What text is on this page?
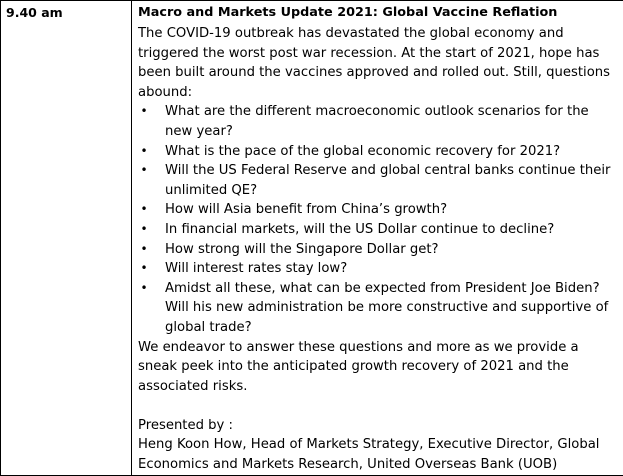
9.40 am	Macro and Markets Update 2021: Global Vaccine Reflation

The COVID-19 outbreak has devastated the global economy and triggered the worst post war recession. At the start of 2021, hope has been built around the vaccines approved and rolled out. Still, questions abound:

• What are the different macroeconomic outlook scenarios for the new year?
• What is the pace of the global economic recovery for 2021?
• Will the US Federal Reserve and global central banks continue their unlimited QE?
• How will Asia benefit from China’s growth?
• In financial markets, will the US Dollar continue to decline?
• How strong will the Singapore Dollar get?
• Will interest rates stay low?
• Amidst all these, what can be expected from President Joe Biden? Will his new administration be more constructive and supportive of global trade?

We endeavor to answer these questions and more as we provide a sneak peek into the anticipated growth recovery of 2021 and the associated risks.

Presented by :

Heng Koon How, Head of Markets Strategy, Executive Director, Global Economics and Markets Research, United Overseas Bank (UOB)
